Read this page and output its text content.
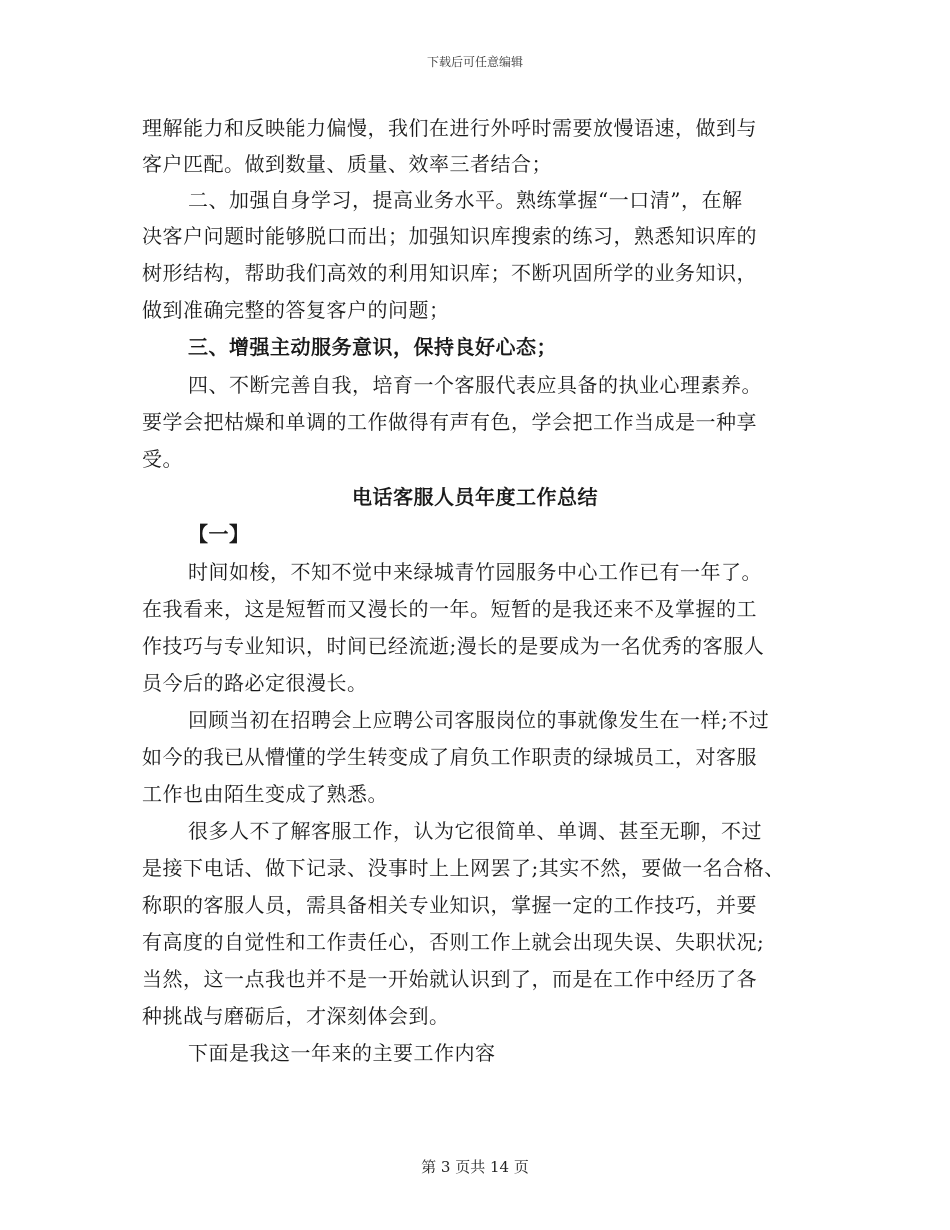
下载后可任意编辑
理解能力和反映能力偏慢，我们在进行外呼时需要放慢语速，做到与
客户匹配。做到数量、质量、效率三者结合；
二、加强自身学习，提高业务水平。熟练掌握“一口清”，在解
决客户问题时能够脱口而出；加强知识库搜索的练习，熟悉知识库的
树形结构，帮助我们高效的利用知识库；不断巩固所学的业务知识，
做到准确完整的答复客户的问题；
三、增强主动服务意识，保持良好心态；
四、不断完善自我，培育一个客服代表应具备的执业心理素养。
要学会把枯燥和单调的工作做得有声有色，学会把工作当成是一种享
受。
电话客服人员年度工作总结
【一】
时间如梭，不知不觉中来绿城青竹园服务中心工作已有一年了。
在我看来，这是短暂而又漫长的一年。短暂的是我还来不及掌握的工
作技巧与专业知识，时间已经流逝;漫长的是要成为一名优秀的客服人
员今后的路必定很漫长。
回顾当初在招聘会上应聘公司客服岗位的事就像发生在一样;不过
如今的我已从懵懂的学生转变成了肩负工作职责的绿城员工，对客服
工作也由陌生变成了熟悉。
很多人不了解客服工作，认为它很简单、单调、甚至无聊，不过
是接下电话、做下记录、没事时上上网罢了;其实不然，要做一名合格、
称职的客服人员，需具备相关专业知识，掌握一定的工作技巧，并要
有高度的自觉性和工作责任心，否则工作上就会出现失误、失职状况;
当然，这一点我也并不是一开始就认识到了，而是在工作中经历了各
种挑战与磨砺后，才深刻体会到。
下面是我这一年来的主要工作内容
第 3 页共 14 页
